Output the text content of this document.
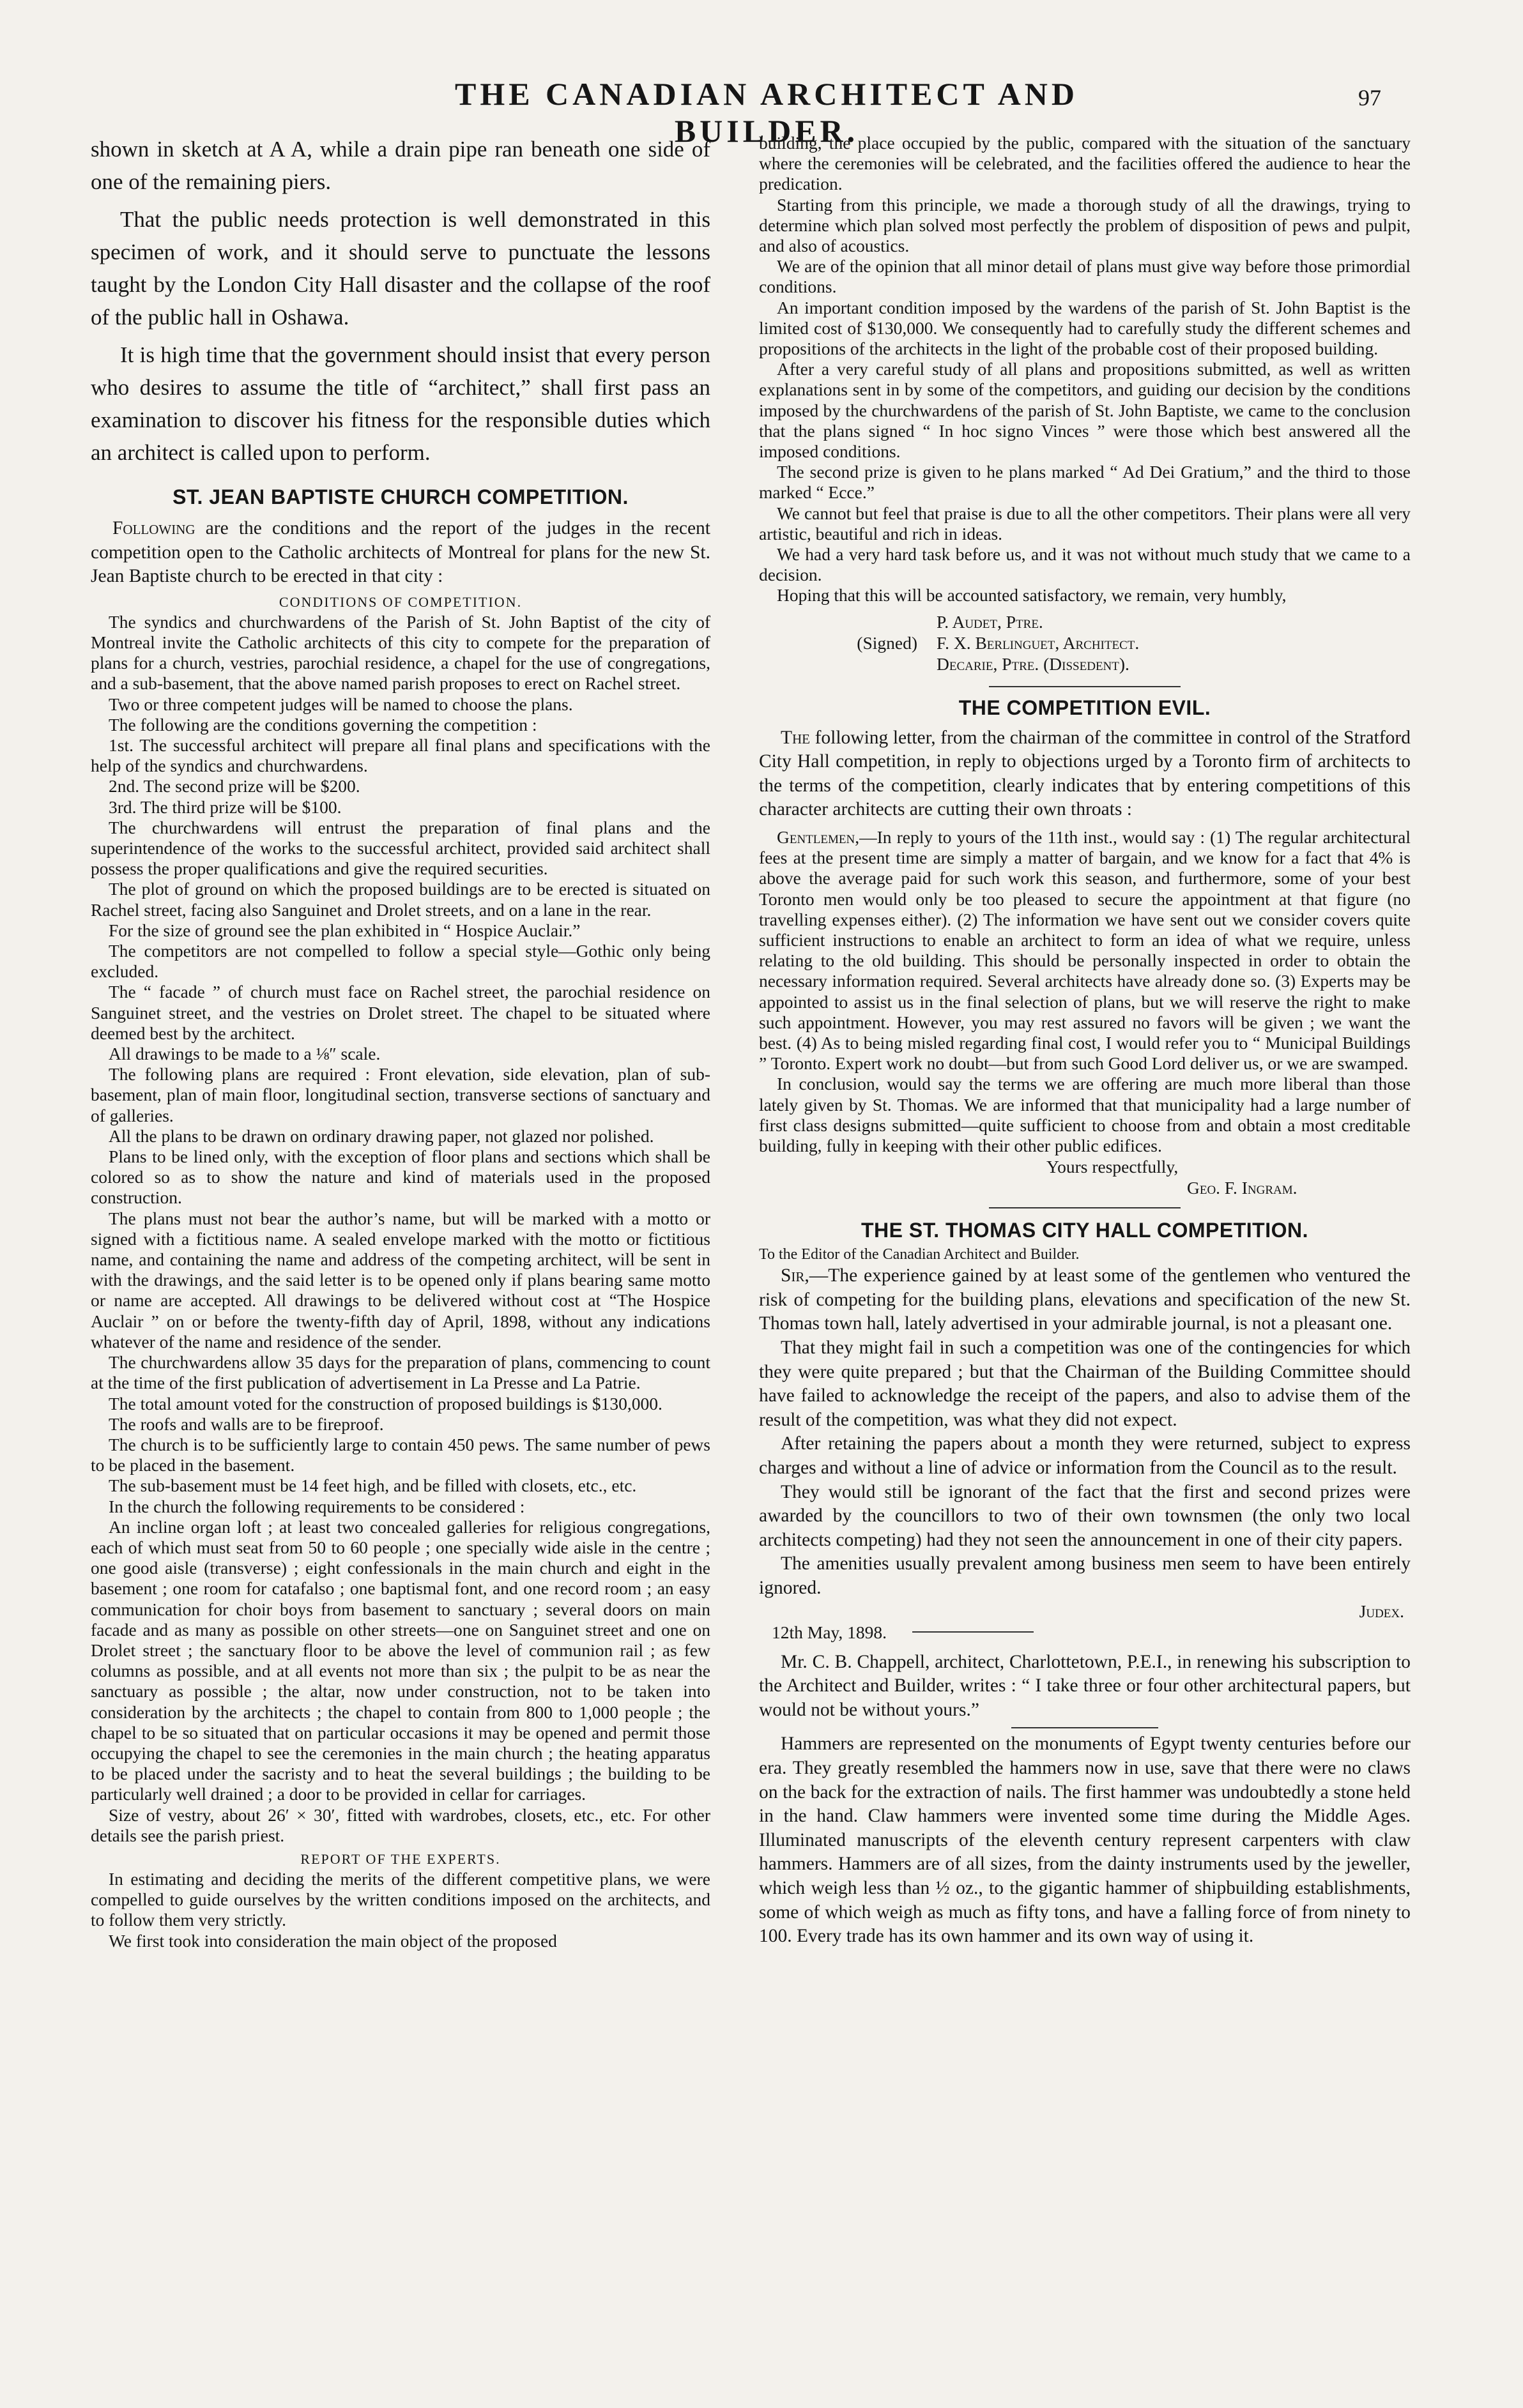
THE CANADIAN ARCHITECT AND BUILDER.
97

shown in sketch at A A, while a drain pipe ran beneath one side of one of the remaining piers.

That the public needs protection is well demonstrated in this specimen of work, and it should serve to punctuate the lessons taught by the London City Hall disaster and the collapse of the roof of the public hall in Oshawa.

It is high time that the government should insist that every person who desires to assume the title of “architect,” shall first pass an examination to discover his fitness for the responsible duties which an architect is called upon to perform.

ST. JEAN BAPTISTE CHURCH COMPETITION.

Following are the conditions and the report of the judges in the recent competition open to the Catholic architects of Montreal for plans for the new St. Jean Baptiste church to be erected in that city :

CONDITIONS OF COMPETITION.

The syndics and churchwardens of the Parish of St. John Baptist of the city of Montreal invite the Catholic architects of this city to compete for the preparation of plans for a church, vestries, parochial residence, a chapel for the use of congregations, and a sub-basement, that the above named parish proposes to erect on Rachel street.

Two or three competent judges will be named to choose the plans.

The following are the conditions governing the competition :

1st. The successful architect will prepare all final plans and specifications with the help of the syndics and churchwardens.

2nd. The second prize will be $200.

3rd. The third prize will be $100.

The churchwardens will entrust the preparation of final plans and the superintendence of the works to the successful architect, provided said architect shall possess the proper qualifications and give the required securities.

The plot of ground on which the proposed buildings are to be erected is situated on Rachel street, facing also Sanguinet and Drolet streets, and on a lane in the rear.

For the size of ground see the plan exhibited in “ Hospice Auclair.”

The competitors are not compelled to follow a special style—Gothic only being excluded.

The “ facade ” of church must face on Rachel street, the parochial residence on Sanguinet street, and the vestries on Drolet street. The chapel to be situated where deemed best by the architect.

All drawings to be made to a ⅛″ scale.

The following plans are required : Front elevation, side elevation, plan of sub-basement, plan of main floor, longitudinal section, transverse sections of sanctuary and of galleries.

All the plans to be drawn on ordinary drawing paper, not glazed nor polished.

Plans to be lined only, with the exception of floor plans and sections which shall be colored so as to show the nature and kind of materials used in the proposed construction.

The plans must not bear the author’s name, but will be marked with a motto or signed with a fictitious name. A sealed envelope marked with the motto or fictitious name, and containing the name and address of the competing architect, will be sent in with the drawings, and the said letter is to be opened only if plans bearing same motto or name are accepted. All drawings to be delivered without cost at “The Hospice Auclair ” on or before the twenty-fifth day of April, 1898, without any indications whatever of the name and residence of the sender.

The churchwardens allow 35 days for the preparation of plans, commencing to count at the time of the first publication of advertisement in La Presse and La Patrie.

The total amount voted for the construction of proposed buildings is $130,000.

The roofs and walls are to be fireproof.

The church is to be sufficiently large to contain 450 pews. The same number of pews to be placed in the basement.

The sub-basement must be 14 feet high, and be filled with closets, etc., etc.

In the church the following requirements to be considered :

An incline organ loft ; at least two concealed galleries for religious congregations, each of which must seat from 50 to 60 people ; one specially wide aisle in the centre ; one good aisle (transverse) ; eight confessionals in the main church and eight in the basement ; one room for catafalso ; one baptismal font, and one record room ; an easy communication for choir boys from basement to sanctuary ; several doors on main facade and as many as possible on other streets—one on Sanguinet street and one on Drolet street ; the sanctuary floor to be above the level of communion rail ; as few columns as possible, and at all events not more than six ; the pulpit to be as near the sanctuary as possible ; the altar, now under construction, not to be taken into consideration by the architects ; the chapel to contain from 800 to 1,000 people ; the chapel to be so situated that on particular occasions it may be opened and permit those occupying the chapel to see the ceremonies in the main church ; the heating apparatus to be placed under the sacristy and to heat the several buildings ; the building to be particularly well drained ; a door to be provided in cellar for carriages.

Size of vestry, about 26′ × 30′, fitted with wardrobes, closets, etc., etc. For other details see the parish priest.

REPORT OF THE EXPERTS.

In estimating and deciding the merits of the different competitive plans, we were compelled to guide ourselves by the written conditions imposed on the architects, and to follow them very strictly.

We first took into consideration the main object of the proposed

building, the place occupied by the public, compared with the situation of the sanctuary where the ceremonies will be celebrated, and the facilities offered the audience to hear the predication.

Starting from this principle, we made a thorough study of all the drawings, trying to determine which plan solved most perfectly the problem of disposition of pews and pulpit, and also of acoustics.

We are of the opinion that all minor detail of plans must give way before those primordial conditions.

An important condition imposed by the wardens of the parish of St. John Baptist is the limited cost of $130,000. We consequently had to carefully study the different schemes and propositions of the architects in the light of the probable cost of their proposed building.

After a very careful study of all plans and propositions submitted, as well as written explanations sent in by some of the competitors, and guiding our decision by the conditions imposed by the churchwardens of the parish of St. John Baptiste, we came to the conclusion that the plans signed “ In hoc signo Vinces ” were those which best answered all the imposed conditions.

The second prize is given to he plans marked “ Ad Dei Gratium,” and the third to those marked “ Ecce.”

We cannot but feel that praise is due to all the other competitors. Their plans were all very artistic, beautiful and rich in ideas.

We had a very hard task before us, and it was not without much study that we came to a decision.

Hoping that this will be accounted satisfactory, we remain, very humbly,

P. Audet, Ptre.
(Signed)	F. X. Berlinguet, Architect.
Decarie, Ptre. (Dissedent).
THE COMPETITION EVIL.

The following letter, from the chairman of the committee in control of the Stratford City Hall competition, in reply to objections urged by a Toronto firm of architects to the terms of the competition, clearly indicates that by entering competitions of this character architects are cutting their own throats :

Gentlemen,—In reply to yours of the 11th inst., would say : (1) The regular architectural fees at the present time are simply a matter of bargain, and we know for a fact that 4% is above the average paid for such work this season, and furthermore, some of your best Toronto men would only be too pleased to secure the appointment at that figure (no travelling expenses either). (2) The information we have sent out we consider covers quite sufficient instructions to enable an architect to form an idea of what we require, unless relating to the old building. This should be personally inspected in order to obtain the necessary information required. Several architects have already done so. (3) Experts may be appointed to assist us in the final selection of plans, but we will reserve the right to make such appointment. However, you may rest assured no favors will be given ; we want the best. (4) As to being misled regarding final cost, I would refer you to “ Municipal Buildings ” Toronto. Expert work no doubt—but from such Good Lord deliver us, or we are swamped.

In conclusion, would say the terms we are offering are much more liberal than those lately given by St. Thomas. We are informed that that municipality had a large number of first class designs submitted—quite sufficient to choose from and obtain a most creditable building, fully in keeping with their other public edifices.

Yours respectfully,
Geo. F. Ingram.
THE ST. THOMAS CITY HALL COMPETITION.
To the Editor of the Canadian Architect and Builder.

Sir,—The experience gained by at least some of the gentlemen who ventured the risk of competing for the building plans, elevations and specification of the new St. Thomas town hall, lately advertised in your admirable journal, is not a pleasant one.

That they might fail in such a competition was one of the contingencies for which they were quite prepared ; but that the Chairman of the Building Committee should have failed to acknowledge the receipt of the papers, and also to advise them of the result of the competition, was what they did not expect.

After retaining the papers about a month they were returned, subject to express charges and without a line of advice or information from the Council as to the result.

They would still be ignorant of the fact that the first and second prizes were awarded by the councillors to two of their own townsmen (the only two local architects competing) had they not seen the announcement in one of their city papers.

The amenities usually prevalent among business men seem to have been entirely ignored.

Judex.
12th May, 1898.

Mr. C. B. Chappell, architect, Charlottetown, P.E.I., in renewing his subscription to the Architect and Builder, writes : “ I take three or four other architectural papers, but would not be without yours.”

Hammers are represented on the monuments of Egypt twenty centuries before our era. They greatly resembled the hammers now in use, save that there were no claws on the back for the extraction of nails. The first hammer was undoubtedly a stone held in the hand. Claw hammers were invented some time during the Middle Ages. Illuminated manuscripts of the eleventh century represent carpenters with claw hammers. Hammers are of all sizes, from the dainty instruments used by the jeweller, which weigh less than ½ oz., to the gigantic hammer of shipbuilding establishments, some of which weigh as much as fifty tons, and have a falling force of from ninety to 100. Every trade has its own hammer and its own way of using it.
